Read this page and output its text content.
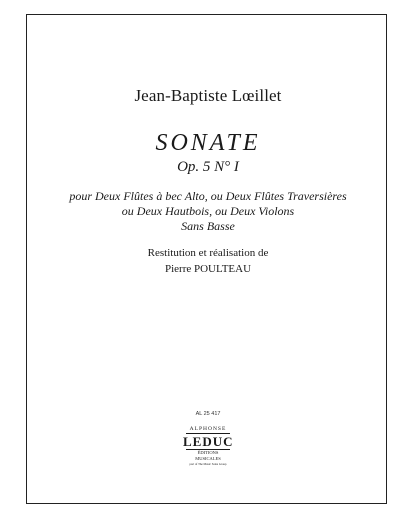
Jean-Baptiste Lœillet
SONATE
Op. 5 N° I
pour Deux Flûtes à bec Alto, ou Deux Flûtes Traversières
ou Deux Hautbois, ou Deux Violons
Sans Basse
Restitution et réalisation de
Pierre POULTEAU
AL 25 417
ALPHONSE
LEDUC
ÉDITIONS MUSICALES
part of The Music Sales Group
